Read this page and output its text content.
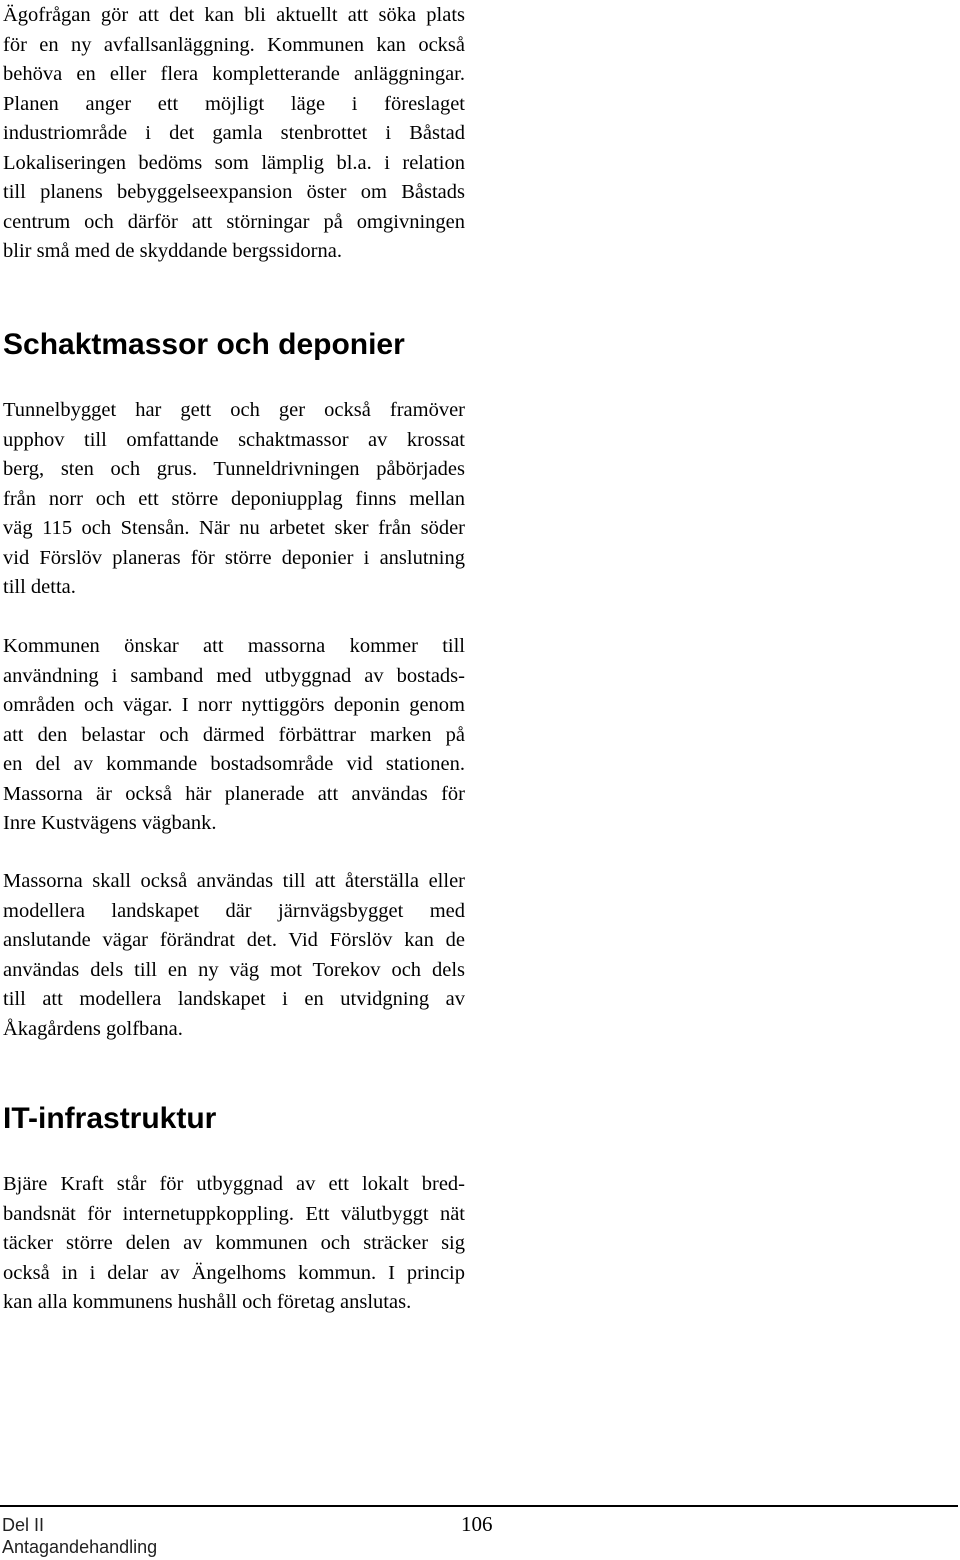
Ägofrågan gör att det kan bli aktuellt att söka plats
för en ny avfallsanläggning. Kommunen kan också
behöva en eller flera kompletterande anläggningar.
Planen anger ett möjligt läge i föreslaget
industriområde i det gamla stenbrottet i Båstad
Lokaliseringen bedöms som lämplig bl.a. i relation
till planens bebyggelseexpansion öster om Båstads
centrum och därför att störningar på omgivningen
blir små med de skyddande bergssidorna.
Schaktmassor och deponier
Tunnelbygget har gett och ger också framöver
upphov till omfattande schaktmassor av krossat
berg, sten och grus. Tunneldrivningen påbörjades
från norr och ett större deponiupplag finns mellan
väg 115 och Stensån. När nu arbetet sker från söder
vid Förslöv planeras för större deponier i anslutning
till detta.
Kommunen önskar att massorna kommer till
användning i samband med utbyggnad av bostads-
områden och vägar. I norr nyttiggörs deponin genom
att den belastar och därmed förbättrar marken på
en del av kommande bostadsområde vid stationen.
Massorna är också här planerade att användas för
Inre Kustvägens vägbank.
Massorna skall också användas till att återställa eller
modellera landskapet där järnvägsbygget med
anslutande vägar förändrat det. Vid Förslöv kan de
användas dels till en ny väg mot Torekov och dels
till att modellera landskapet i en utvidgning av
Åkagårdens golfbana.
IT-infrastruktur
Bjäre Kraft står för utbyggnad av ett lokalt bred-
bandsnät för internetuppkoppling. Ett välutbyggt nät
täcker större delen av kommunen och sträcker sig
också in i delar av Ängelhoms kommun. I princip
kan alla kommunens hushåll och företag anslutas.
Del II
Antagandehandling
106
